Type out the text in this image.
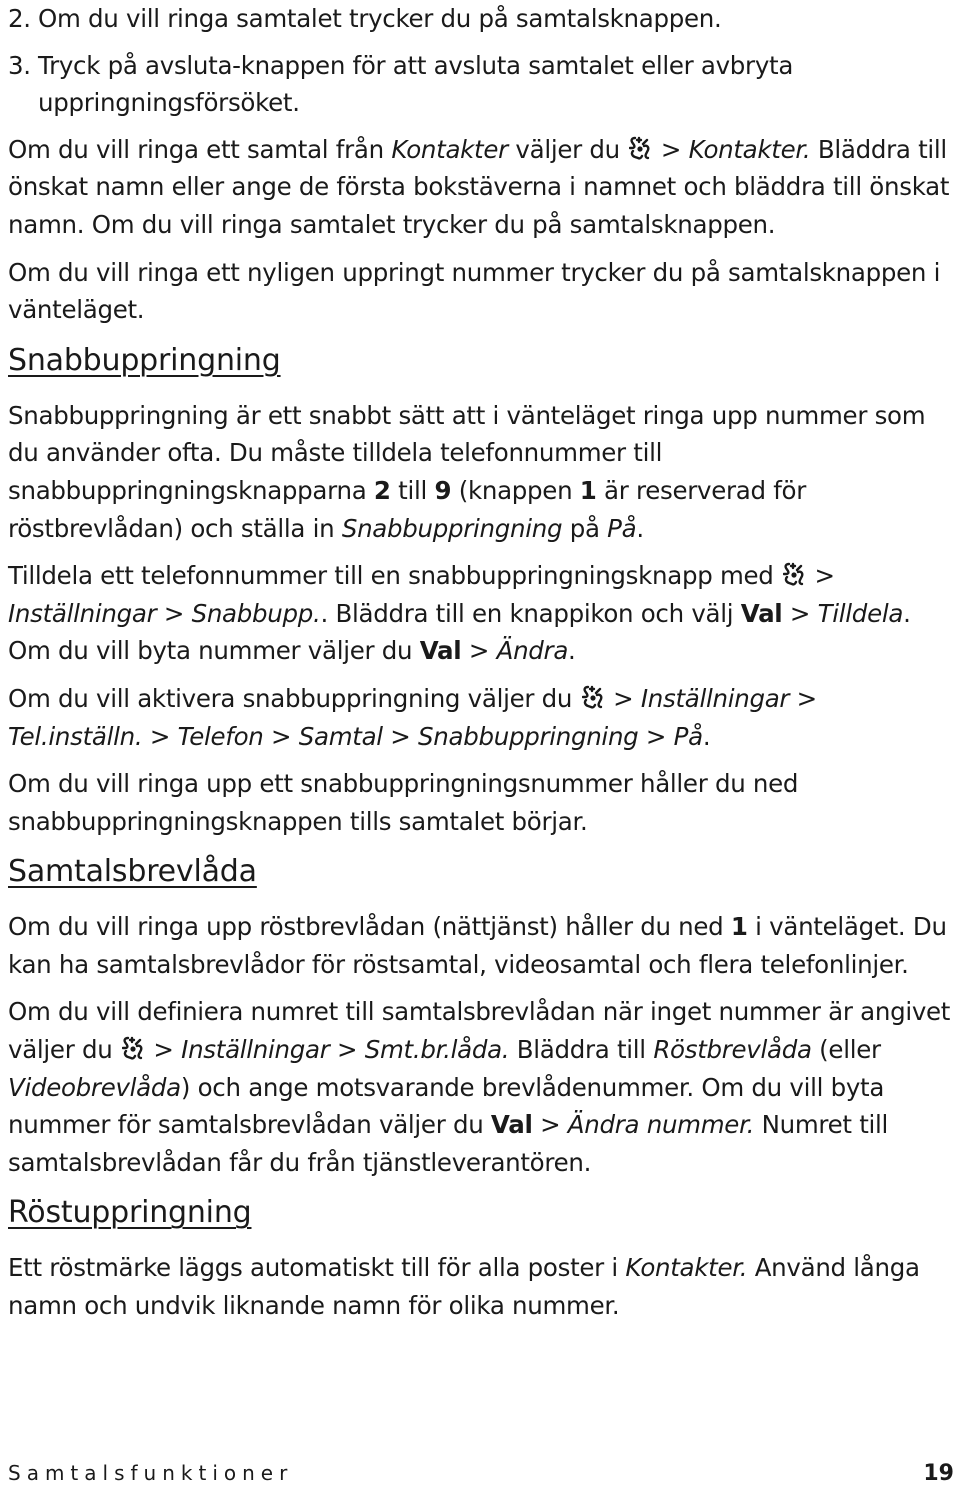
2. Om du vill ringa samtalet trycker du på samtalsknappen.
3. Tryck på avsluta-knappen för att avsluta samtalet eller avbryta uppringningsförsöket.

Om du vill ringa ett samtal från Kontakter väljer du
> Kontakter. Bläddra till önskat namn eller ange de första bokstäverna i namnet och bläddra till önskat namn. Om du vill ringa samtalet trycker du på samtalsknappen.

Om du vill ringa ett nyligen uppringt nummer trycker du på samtalsknappen i vänteläget.

Snabbuppringning

Snabbuppringning är ett snabbt sätt att i vänteläget ringa upp nummer som du använder ofta. Du måste tilldela telefonnummer till snabbuppringningsknapparna 2 till 9 (knappen 1 är reserverad för röstbrevlådan) och ställa in Snabbuppringning på På.

Tilldela ett telefonnummer till en snabbuppringningsknapp med
> Inställningar > Snabbupp.. Bläddra till en knappikon och välj Val > Tilldela. Om du vill byta nummer väljer du Val > Ändra.

Om du vill aktivera snabbuppringning väljer du
> Inställningar > Tel.inställn. > Telefon > Samtal > Snabbuppringning > På.

Om du vill ringa upp ett snabbuppringningsnummer håller du ned snabbuppringningsknappen tills samtalet börjar.

Samtalsbrevlåda

Om du vill ringa upp röstbrevlådan (nättjänst) håller du ned 1 i vänteläget. Du kan ha samtalsbrevlådor för röstsamtal, videosamtal och flera telefonlinjer.

Om du vill definiera numret till samtalsbrevlådan när inget nummer är angivet väljer du
> Inställningar > Smt.br.låda. Bläddra till Röstbrevlåda (eller Videobrevlåda) och ange motsvarande brevlådenummer. Om du vill byta nummer för samtalsbrevlådan väljer du Val > Ändra nummer. Numret till samtalsbrevlådan får du från tjänstleverantören.

Röstuppringning

Ett röstmärke läggs automatiskt till för alla poster i Kontakter. Använd långa namn och undvik liknande namn för olika nummer.

Samtalsfunktioner	19
